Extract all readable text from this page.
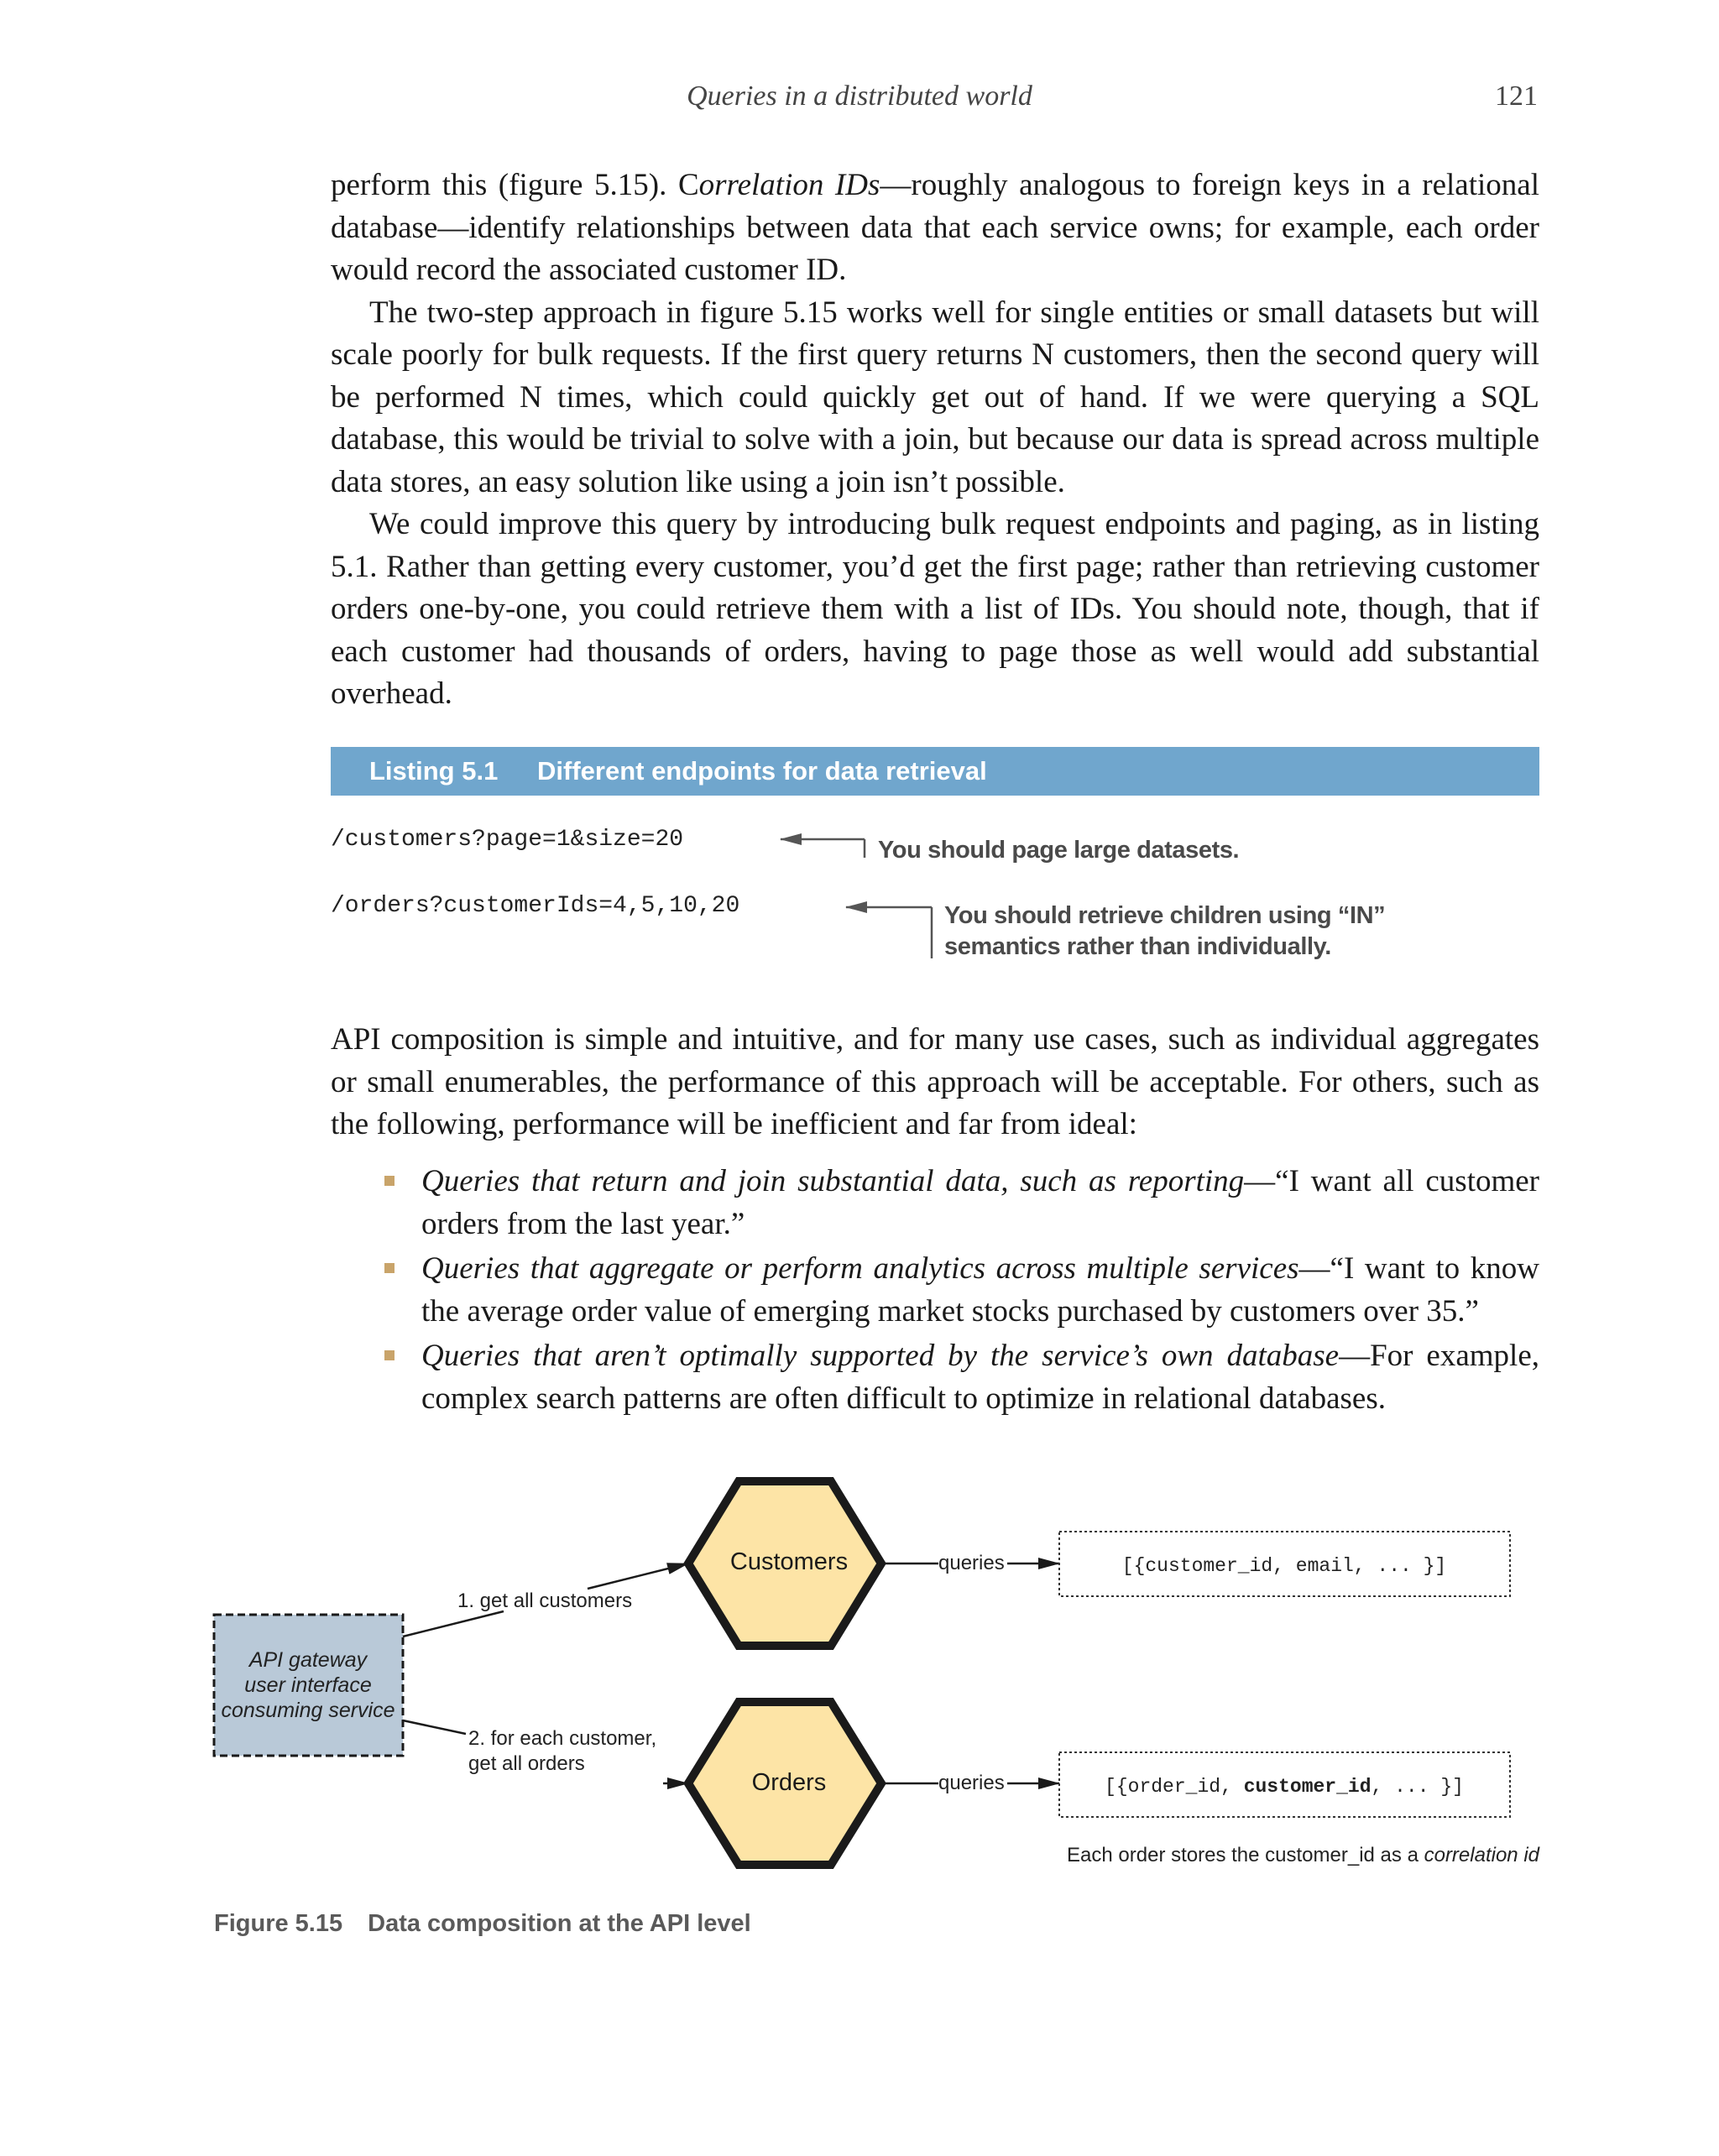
Queries in a distributed world	121

perform this (figure 5.15). Correlation IDs—roughly analogous to foreign keys in a relational database—identify relationships between data that each service owns; for example, each order would record the associated customer ID.

The two-step approach in figure 5.15 works well for single entities or small datasets but will scale poorly for bulk requests. If the first query returns N customers, then the second query will be performed N times, which could quickly get out of hand. If we were querying a SQL database, this would be trivial to solve with a join, but because our data is spread across multiple data stores, an easy solution like using a join isn’t possible.

We could improve this query by introducing bulk request endpoints and paging, as in listing 5.1. Rather than getting every customer, you’d get the first page; rather than retrieving customer orders one-by-one, you could retrieve them with a list of IDs. You should note, though, that if each customer had thousands of orders, having to page those as well would add substantial overhead.

Listing 5.1 Different endpoints for data retrieval
/customers?page=1&size=20
/orders?customerIds=4,5,10,20
You should page large datasets.
You should retrieve children using “IN” semantics rather than individually.

API composition is simple and intuitive, and for many use cases, such as individual aggregates or small enumerables, the performance of this approach will be acceptable. For others, such as the following, performance will be inefficient and far from ideal:

Queries that return and join substantial data, such as reporting—“I want all customer orders from the last year.”
Queries that aggregate or perform analytics across multiple services—“I want to know the average order value of emerging market stocks purchased by customers over 35.”
Queries that aren’t optimally supported by the service’s own database—For example, complex search patterns are often difficult to optimize in relational databases.
API gateway
user interface
consuming service
Customers
Orders
1. get all customers
2. for each customer,
get all orders
queries
queries
[{customer_id, email, ... }]
[{order_id, customer_id, ... }]
Each order stores the customer_id as a correlation id
Figure 5.15 Data composition at the API level
